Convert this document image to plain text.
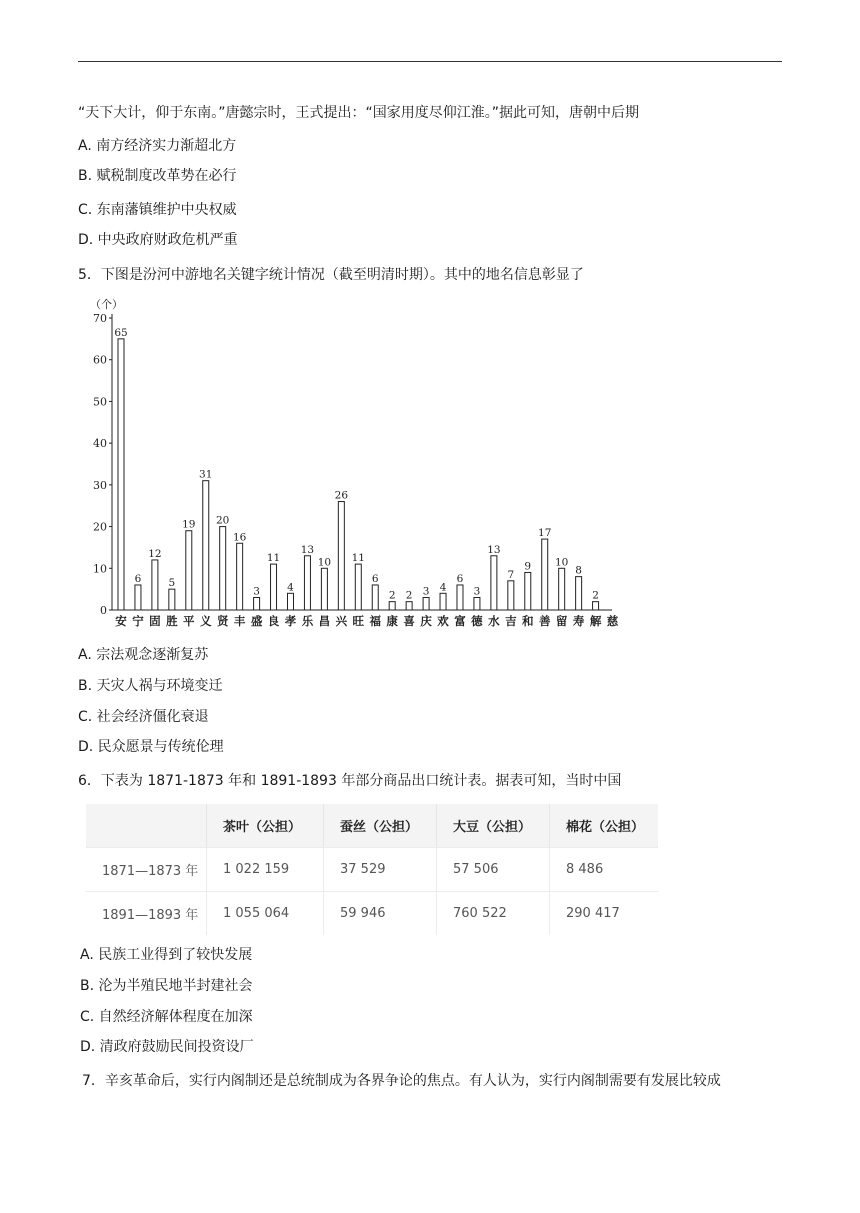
“天下大计，仰于东南。”唐懿宗时，王式提出：“国家用度尽仰江淮。”据此可知，唐朝中后期
A. 南方经济实力渐超北方
B. 赋税制度改革势在必行
C. 东南藩镇维护中央权威
D. 中央政府财政危机严重
5．下图是汾河中游地名关键字统计情况（截至明清时期）。其中的地名信息彰显了
（个）
0
10
20
30
40
50
60
70
65
6
12
5
19
31
20
16
3
11
4
13
10
26
11
6
2 2 3 4
6
3
13
7
9
17
10
8
2
安 宁 固 胜 平 义 贤 丰 盛 良 孝 乐 昌 兴 旺 福 康 喜 庆 欢 富 德 水 吉 和 善 留 寿 解 慈
A. 宗法观念逐渐复苏
B. 天灾人祸与环境变迁
C. 社会经济僵化衰退
D. 民众愿景与传统伦理
6．下表为 1871-1873 年和 1891-1893 年部分商品出口统计表。据表可知，当时中国
	茶叶（公担）	蚕丝（公担）	大豆（公担）	棉花（公担）
1871—1873 年	1 022 159	37 529	57 506	8 486
1891—1893 年	1 055 064	59 946	760 522	290 417
A. 民族工业得到了较快发展
B. 沦为半殖民地半封建社会
C. 自然经济解体程度在加深
D. 清政府鼓励民间投资设厂
7．辛亥革命后，实行内阁制还是总统制成为各界争论的焦点。有人认为，实行内阁制需要有发展比较成
